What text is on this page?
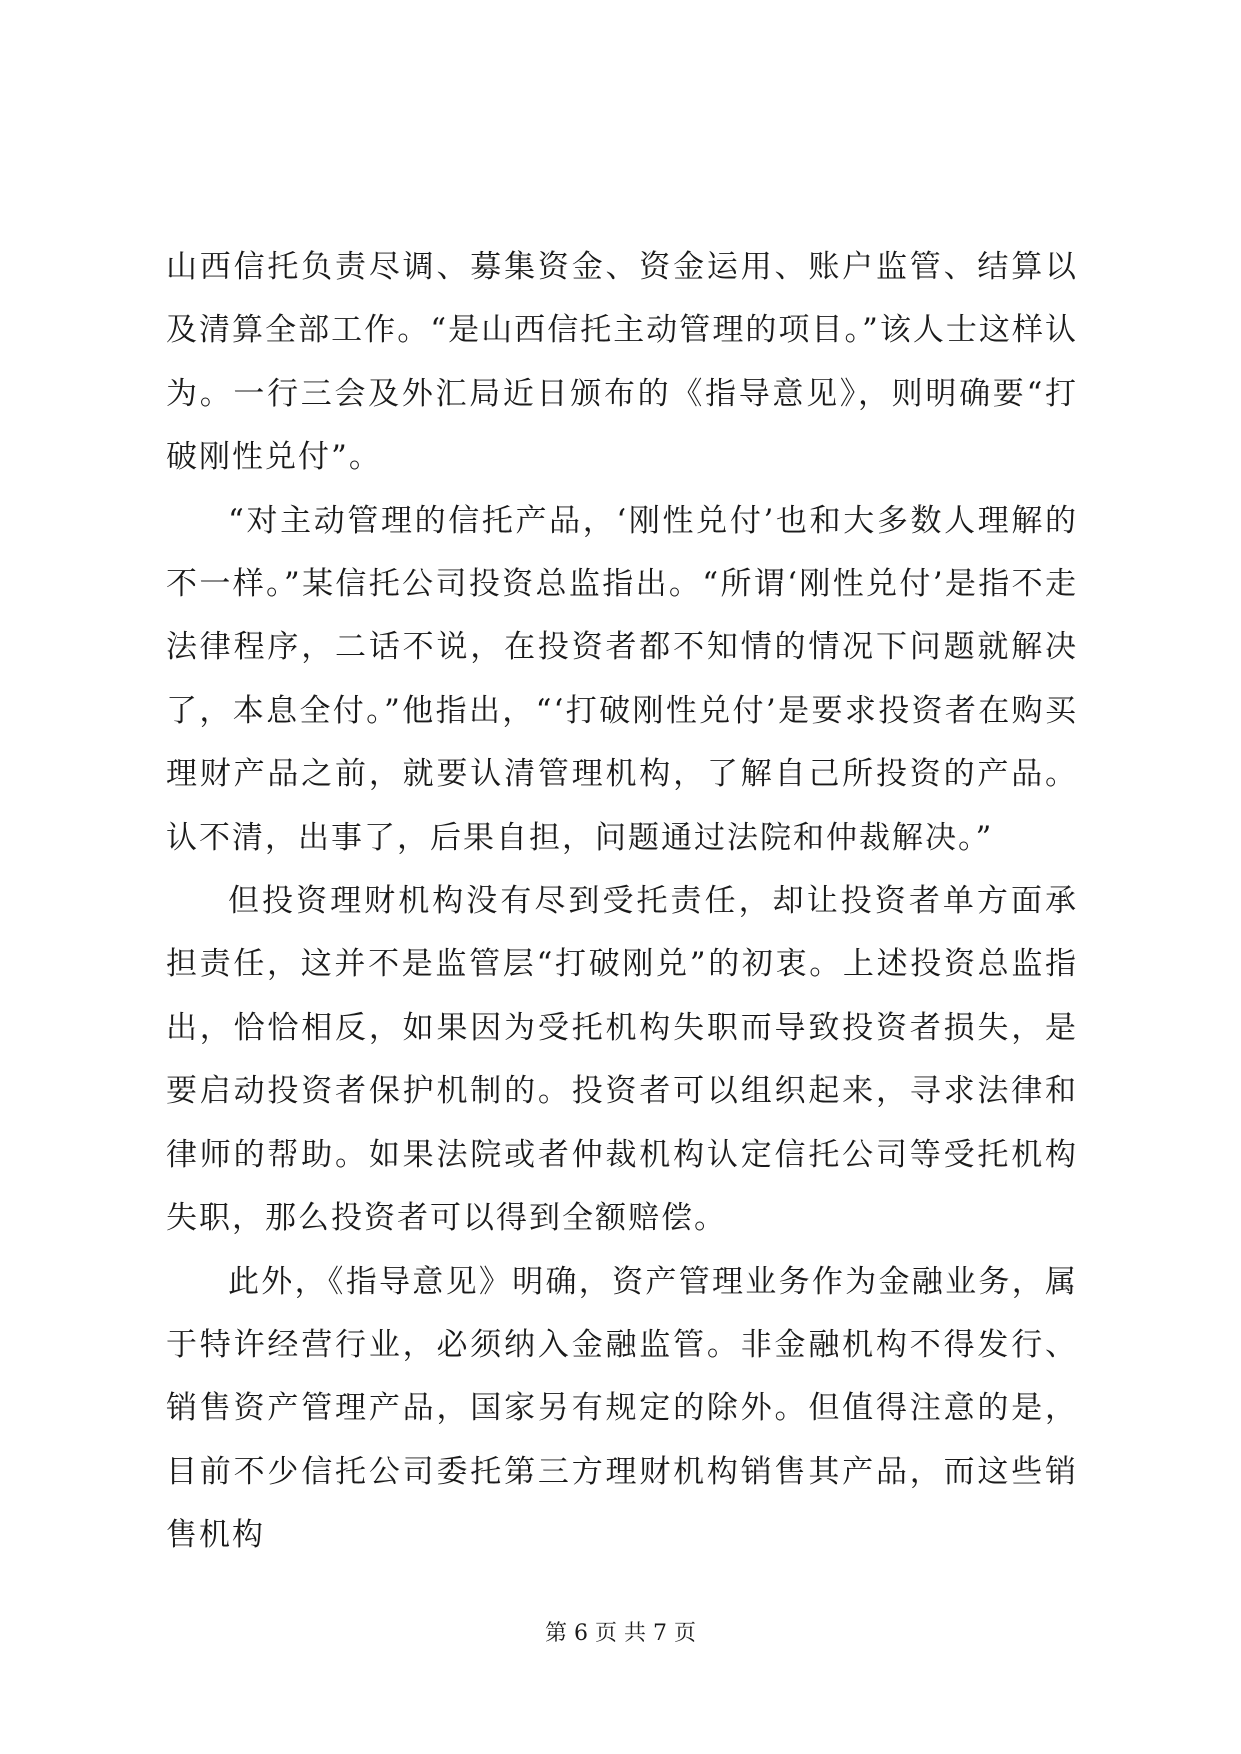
山西信托负责尽调、募集资金、资金运用、账户监管、结算以及清算全部工作。“是山西信托主动管理的项目。”该人士这样认为。一行三会及外汇局近日颁布的《指导意见》，则明确要“打破刚性兑付”。

“对主动管理的信托产品，‘刚性兑付’也和大多数人理解的不一样。”某信托公司投资总监指出。“所谓‘刚性兑付’是指不走法律程序，二话不说，在投资者都不知情的情况下问题就解决了，本息全付。”他指出，“‘打破刚性兑付’是要求投资者在购买理财产品之前，就要认清管理机构，了解自己所投资的产品。认不清，出事了，后果自担，问题通过法院和仲裁解决。”

但投资理财机构没有尽到受托责任，却让投资者单方面承担责任，这并不是监管层“打破刚兑”的初衷。上述投资总监指出，恰恰相反，如果因为受托机构失职而导致投资者损失，是要启动投资者保护机制的。投资者可以组织起来，寻求法律和律师的帮助。如果法院或者仲裁机构认定信托公司等受托机构失职，那么投资者可以得到全额赔偿。

此外，《指导意见》明确，资产管理业务作为金融业务，属于特许经营行业，必须纳入金融监管。非金融机构不得发行、销售资产管理产品，国家另有规定的除外。但值得注意的是，目前不少信托公司委托第三方理财机构销售其产品，而这些销售机构

第 6 页 共 7 页
